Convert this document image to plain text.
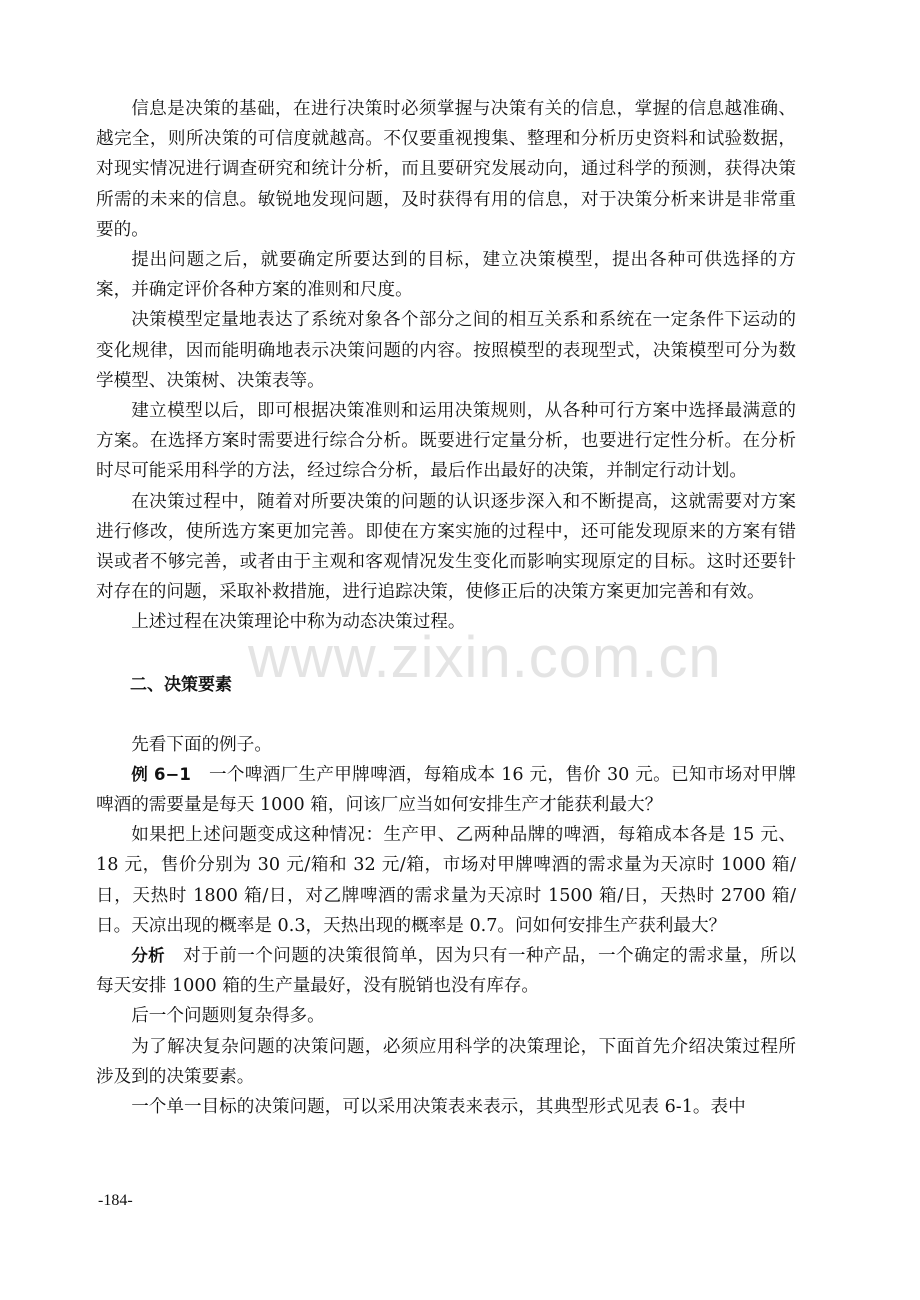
www.zixin.com.cn

信息是决策的基础，在进行决策时必须掌握与决策有关的信息，掌握的信息越准确、越完全，则所决策的可信度就越高。不仅要重视搜集、整理和分析历史资料和试验数据，对现实情况进行调查研究和统计分析，而且要研究发展动向，通过科学的预测，获得决策所需的未来的信息。敏锐地发现问题，及时获得有用的信息，对于决策分析来讲是非常重要的。

提出问题之后，就要确定所要达到的目标，建立决策模型，提出各种可供选择的方案，并确定评价各种方案的准则和尺度。

决策模型定量地表达了系统对象各个部分之间的相互关系和系统在一定条件下运动的变化规律，因而能明确地表示决策问题的内容。按照模型的表现型式，决策模型可分为数学模型、决策树、决策表等。

建立模型以后，即可根据决策准则和运用决策规则，从各种可行方案中选择最满意的方案。在选择方案时需要进行综合分析。既要进行定量分析，也要进行定性分析。在分析时尽可能采用科学的方法，经过综合分析，最后作出最好的决策，并制定行动计划。

在决策过程中，随着对所要决策的问题的认识逐步深入和不断提高，这就需要对方案进行修改，使所选方案更加完善。即使在方案实施的过程中，还可能发现原来的方案有错误或者不够完善，或者由于主观和客观情况发生变化而影响实现原定的目标。这时还要针对存在的问题，采取补救措施，进行追踪决策，使修正后的决策方案更加完善和有效。

上述过程在决策理论中称为动态决策过程。

二、决策要素

先看下面的例子。

例 6−1　一个啤酒厂生产甲牌啤酒，每箱成本 16 元，售价 30 元。已知市场对甲牌啤酒的需要量是每天 1000 箱，问该厂应当如何安排生产才能获利最大？

如果把上述问题变成这种情况：生产甲、乙两种品牌的啤酒，每箱成本各是 15 元、18 元，售价分别为 30 元/箱和 32 元/箱，市场对甲牌啤酒的需求量为天凉时 1000 箱/日，天热时 1800 箱/日，对乙牌啤酒的需求量为天凉时 1500 箱/日，天热时 2700 箱/日。天凉出现的概率是 0.3，天热出现的概率是 0.7。问如何安排生产获利最大？

分析　对于前一个问题的决策很简单，因为只有一种产品，一个确定的需求量，所以每天安排 1000 箱的生产量最好，没有脱销也没有库存。

后一个问题则复杂得多。

为了解决复杂问题的决策问题，必须应用科学的决策理论，下面首先介绍决策过程所涉及到的决策要素。

一个单一目标的决策问题，可以采用决策表来表示，其典型形式见表 6-1。表中

-184-
